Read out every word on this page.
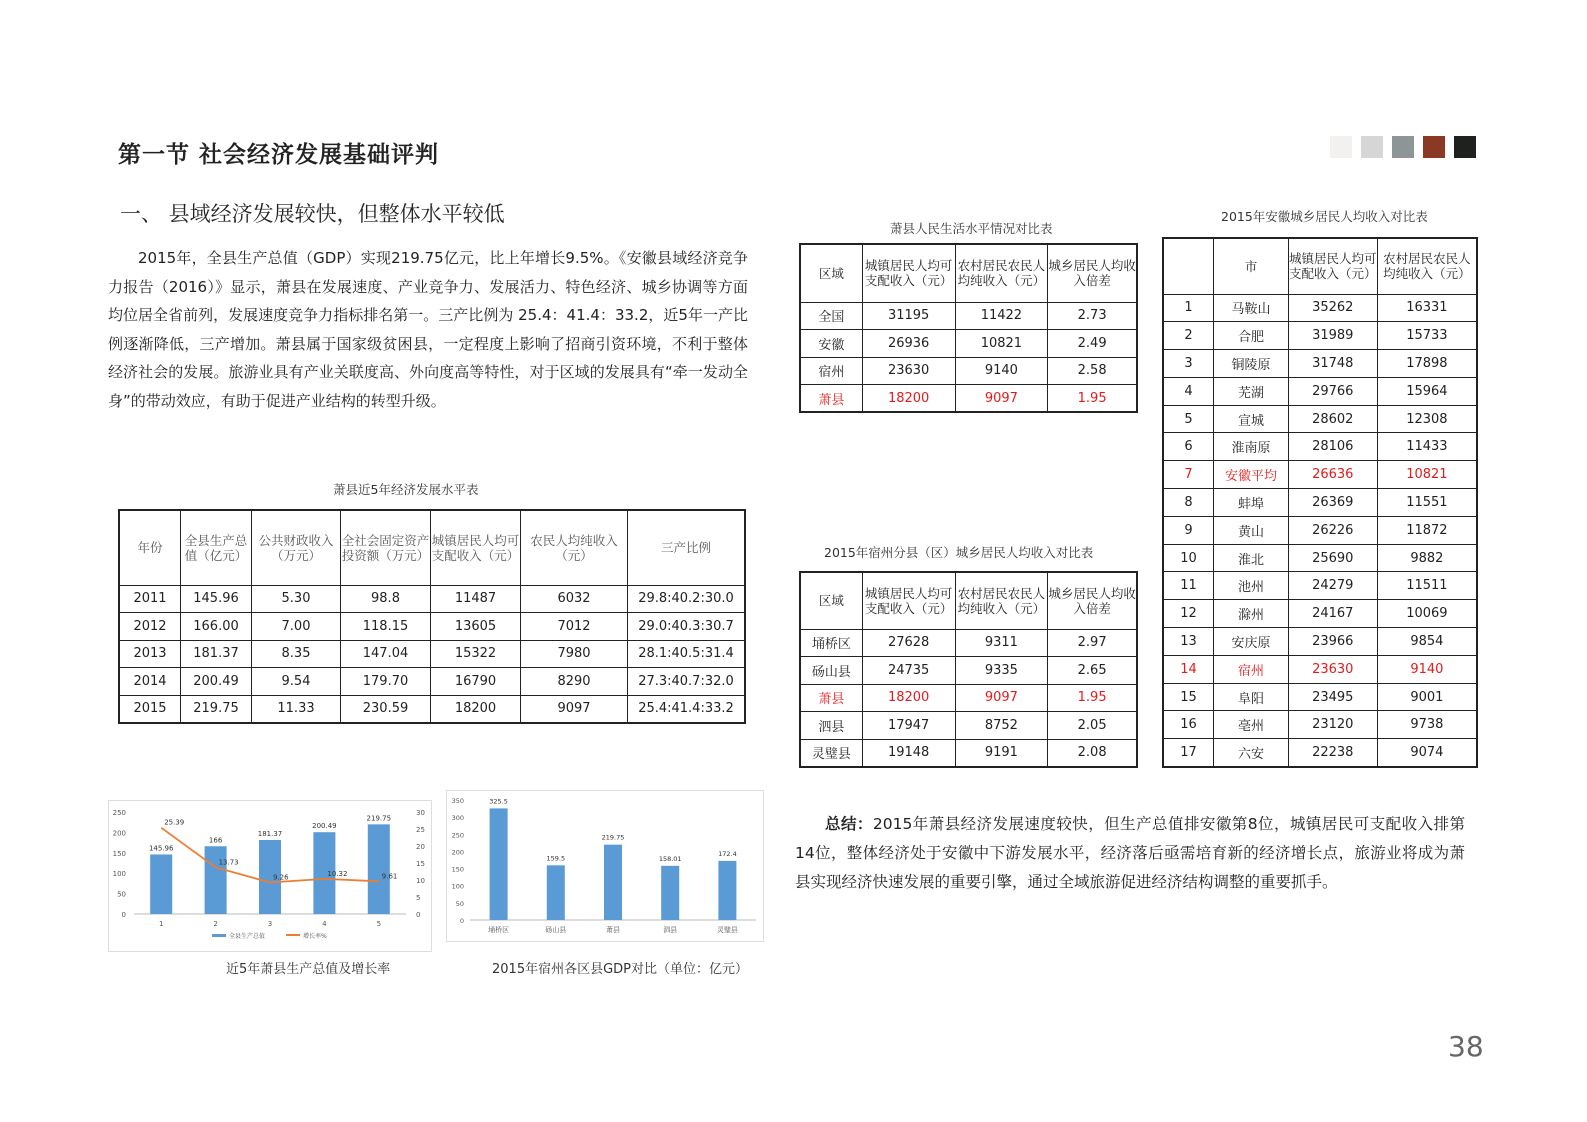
第一节 社会经济发展基础评判
一、 县域经济发展较快，但整体水平较低
2015年，全县生产总值（GDP）实现219.75亿元，比上年增长9.5%。《安徽县域经济竞争力报告（2016）》显示，萧县在发展速度、产业竞争力、发展活力、特色经济、城乡协调等方面均位居全省前列，发展速度竞争力指标排名第一。三产比例为 25.4：41.4：33.2，近5年一产比例逐渐降低，三产增加。萧县属于国家级贫困县，一定程度上影响了招商引资环境，不利于整体经济社会的发展。旅游业具有产业关联度高、外向度高等特性，对于区域的发展具有“牵一发动全身”的带动效应，有助于促进产业结构的转型升级。
萧县近5年经济发展水平表
年份	全县生产总值（亿元）	公共财政收入（万元）	全社会固定资产投资额（万元）	城镇居民人均可支配收入（元）	农民人均纯收入（元）	三产比例
2011	145.96	5.30	98.8	11487	6032	29.8:40.2:30.0
2012	166.00	7.00	118.15	13605	7012	29.0:40.3:30.7
2013	181.37	8.35	147.04	15322	7980	28.1:40.5:31.4
2014	200.49	9.54	179.70	16790	8290	27.3:40.7:32.0
2015	219.75	11.33	230.59	18200	9097	25.4:41.4:33.2
萧县人民生活水平情况对比表
区域	城镇居民人均可支配收入（元）	农村居民农民人均纯收入（元）	城乡居民人均收入倍差
全国	31195	11422	2.73
安徽	26936	10821	2.49
宿州	23630	9140	2.58
萧县	18200	9097	1.95
2015年宿州分县（区）城乡居民人均收入对比表
区域	城镇居民人均可支配收入（元）	农村居民农民人均纯收入（元）	城乡居民人均收入倍差
埇桥区	27628	9311	2.97
砀山县	24735	9335	2.65
萧县	18200	9097	1.95
泗县	17947	8752	2.05
灵璧县	19148	9191	2.08
2015年安徽城乡居民人均收入对比表
	市	城镇居民人均可支配收入（元）	农村居民农民人均纯收入（元）
1	马鞍山	35262	16331
2	合肥	31989	15733
3	铜陵原	31748	17898
4	芜湖	29766	15964
5	宣城	28602	12308
6	淮南原	28106	11433
7	安徽平均	26636	10821
8	蚌埠	26369	11551
9	黄山	26226	11872
10	淮北	25690	9882
11	池州	24279	11511
12	滁州	24167	10069
13	安庆原	23966	9854
14	宿州	23630	9140
15	阜阳	23495	9001
16	亳州	23120	9738
17	六安	22238	9074
0
50
100
150
200
250
0
5
10
15
20
25
30
145.96
1
166
2
181.37
3
200.49
4
219.75
5
25.39
13.73
9.26	10.32	9.61
全县生产总值	增长率%
近5年萧县生产总值及增长率
0
50
100
150
200
250
300
350	325.5
埇桥区
159.5
砀山县
219.75
萧县
158.01
泗县
172.4
灵璧县
2015年宿州各区县GDP对比（单位：亿元）
总结：2015年萧县经济发展速度较快，但生产总值排安徽第8位，城镇居民可支配收入排第14位，整体经济处于安徽中下游发展水平，经济落后亟需培育新的经济增长点，旅游业将成为萧县实现经济快速发展的重要引擎，通过全域旅游促进经济结构调整的重要抓手。
38
